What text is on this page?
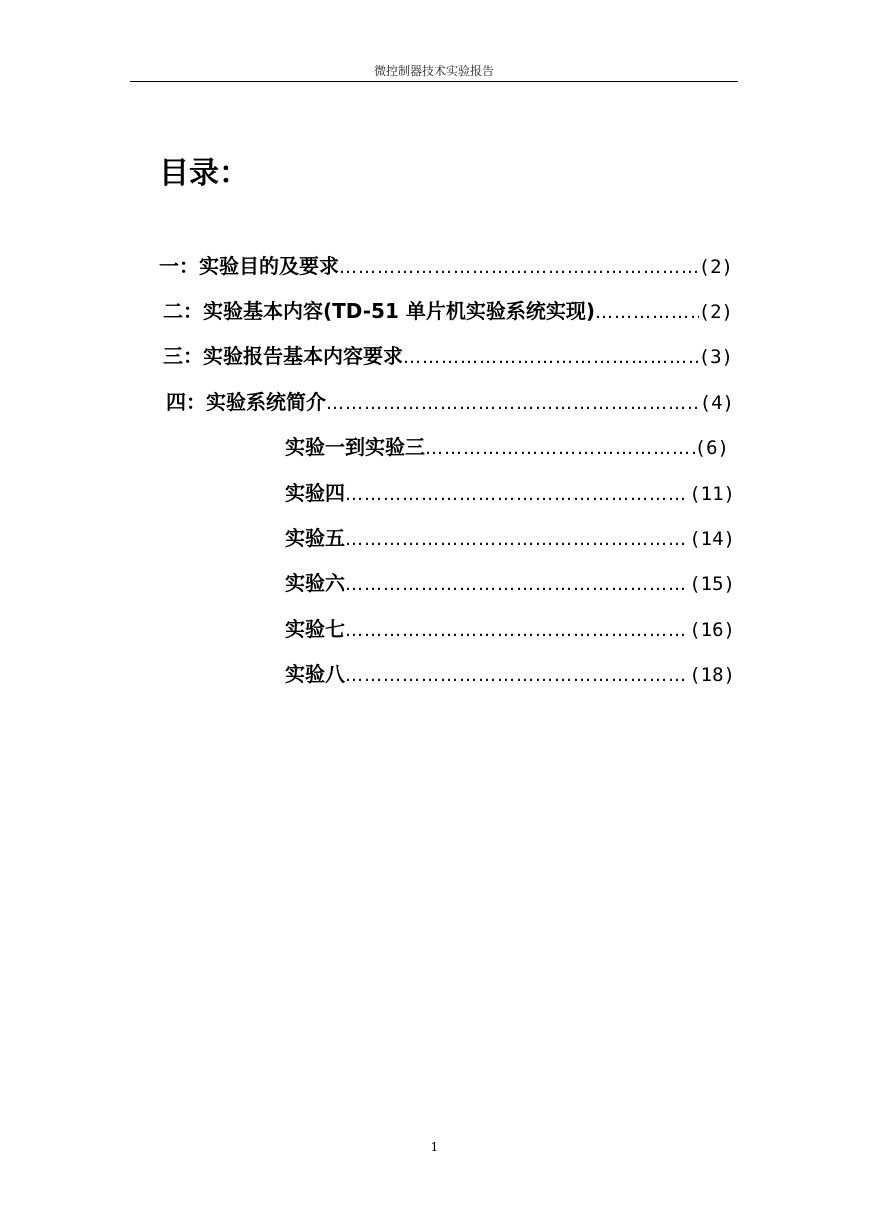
微控制器技术实验报告
目录：
一： 实验目的及要求 ……………………………………………………………………………………………………………………………………	(2)
二： 实验基本内容(TD-51 单片机实验系统实现) ……………………………………………………………………………………………………………………………………	(2)
三： 实验报告基本内容要求 ……………………………………………………………………………………………………………………………………	(3)
四： 实验系统简介 ……………………………………………………………………………………………………………………………………	(4)
实验一到实验三 ……………………………………………………………………………………………………………………………………	(6)
实验四 ……………………………………………………………………………………………………………………………………	(11)
实验五 ……………………………………………………………………………………………………………………………………	(14)
实验六 ……………………………………………………………………………………………………………………………………	(15)
实验七 ……………………………………………………………………………………………………………………………………	(16)
实验八 ……………………………………………………………………………………………………………………………………	(18)
1
